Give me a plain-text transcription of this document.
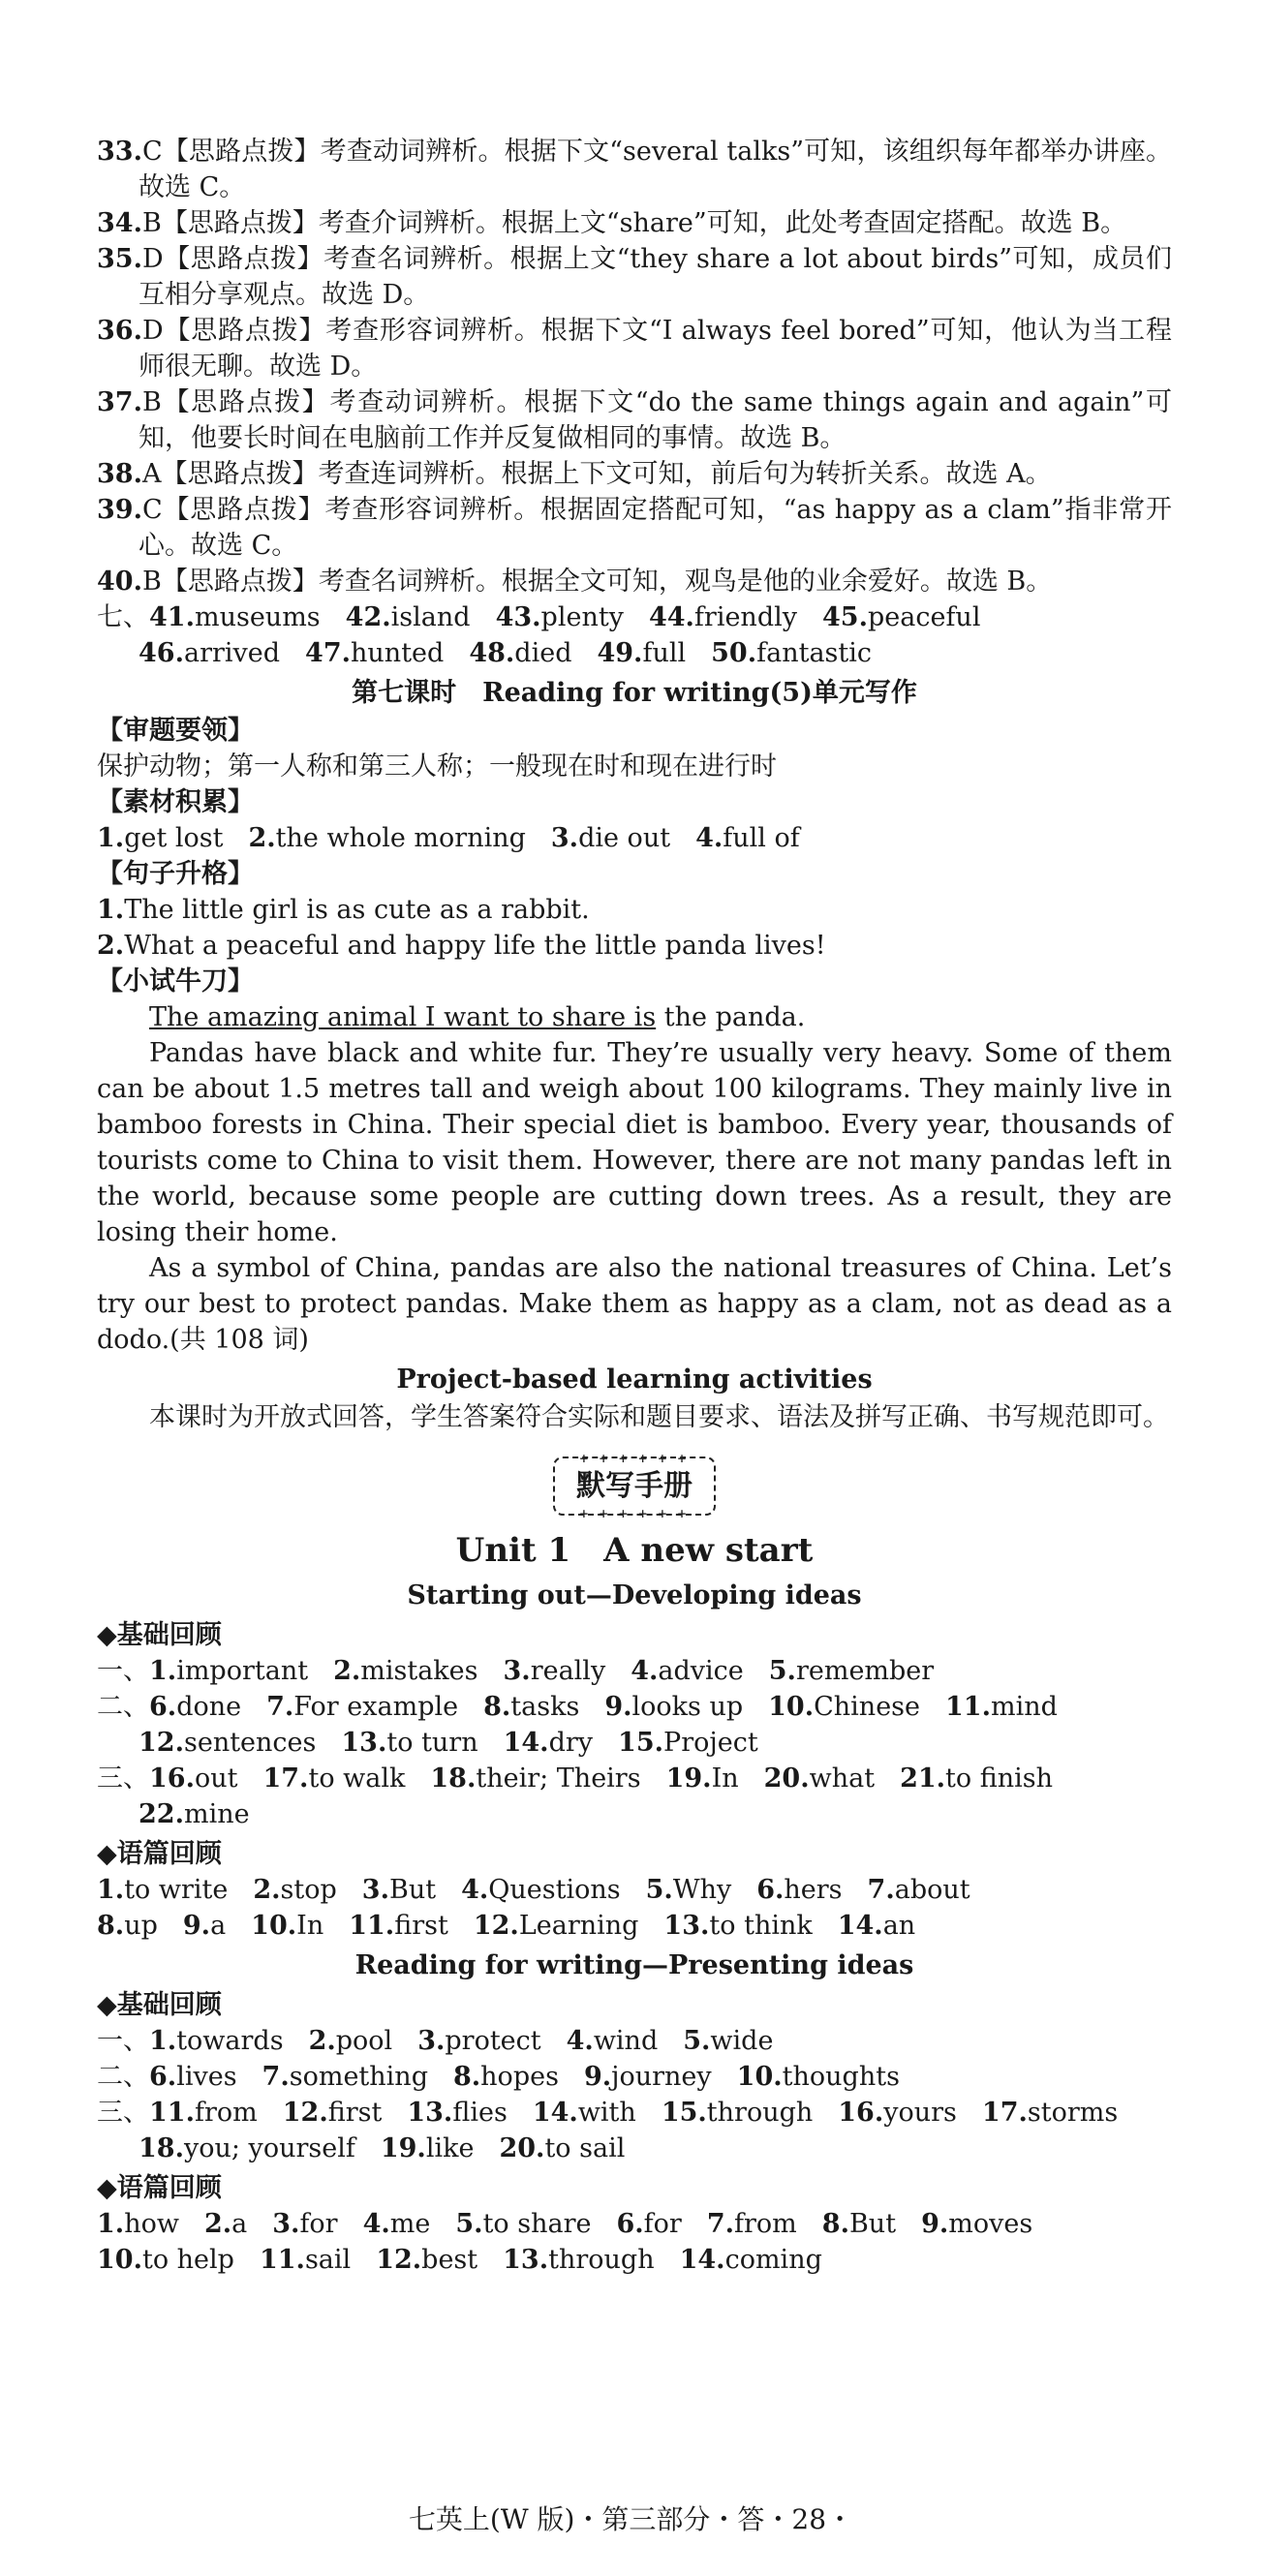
33.C【思路点拨】考查动词辨析。根据下文“several talks”可知，该组织每年都举办讲座。故选 C。

34.B【思路点拨】考查介词辨析。根据上文“share”可知，此处考查固定搭配。故选 B。

35.D【思路点拨】考查名词辨析。根据上文“they share a lot about birds”可知，成员们互相分享观点。故选 D。

36.D【思路点拨】考查形容词辨析。根据下文“I always feel bored”可知，他认为当工程师很无聊。故选 D。

37.B【思路点拨】考查动词辨析。根据下文“do the same things again and again”可知，他要长时间在电脑前工作并反复做相同的事情。故选 B。

38.A【思路点拨】考查连词辨析。根据上下文可知，前后句为转折关系。故选 A。

39.C【思路点拨】考查形容词辨析。根据固定搭配可知，“as happy as a clam”指非常开心。故选 C。

40.B【思路点拨】考查名词辨析。根据全文可知，观鸟是他的业余爱好。故选 B。

七、41.museums 42.island 43.plenty 44.friendly 45.peaceful

46.arrived 47.hunted 48.died 49.full 50.fantastic

第七课时　Reading for writing(5)单元写作

【审题要领】

保护动物；第一人称和第三人称；一般现在时和现在进行时

【素材积累】

1.get lost 2.the whole morning 3.die out 4.full of

【句子升格】

1.The little girl is as cute as a rabbit.

2.What a peaceful and happy life the little panda lives!

【小试牛刀】

The amazing animal I want to share is the panda.

Pandas have black and white fur. They’re usually very heavy. Some of them can be about 1.5 metres tall and weigh about 100 kilograms. They mainly live in bamboo forests in China. Their special diet is bamboo. Every year, thousands of tourists come to China to visit them. However, there are not many pandas left in the world, because some people are cutting down trees. As a result, they are losing their home.

As a symbol of China, pandas are also the national treasures of China. Let’s try our best to protect pandas. Make them as happy as a clam, not as dead as a dodo.(共 108 词)

Project-based learning activities

本课时为开放式回答，学生答案符合实际和题目要求、语法及拼写正确、书写规范即可。

+ + + + + + 默写手册 + + + + + +

Unit 1　A new start

Starting out—Developing ideas

◆基础回顾

一、1.important 2.mistakes 3.really 4.advice 5.remember

二、6.done 7.For example 8.tasks 9.looks up 10.Chinese 11.mind

12.sentences 13.to turn 14.dry 15.Project

三、16.out 17.to walk 18.their; Theirs 19.In 20.what 21.to finish

22.mine

◆语篇回顾

1.to write 2.stop 3.But 4.Questions 5.Why 6.hers 7.about

8.up 9.a 10.In 11.first 12.Learning 13.to think 14.an

Reading for writing—Presenting ideas

◆基础回顾

一、1.towards 2.pool 3.protect 4.wind 5.wide

二、6.lives 7.something 8.hopes 9.journey 10.thoughts

三、11.from 12.first 13.flies 14.with 15.through 16.yours 17.storms

18.you; yourself 19.like 20.to sail

◆语篇回顾

1.how 2.a 3.for 4.me 5.to share 6.for 7.from 8.But 9.moves

10.to help 11.sail 12.best 13.through 14.coming

七英上(W 版)・第三部分・答・28・
